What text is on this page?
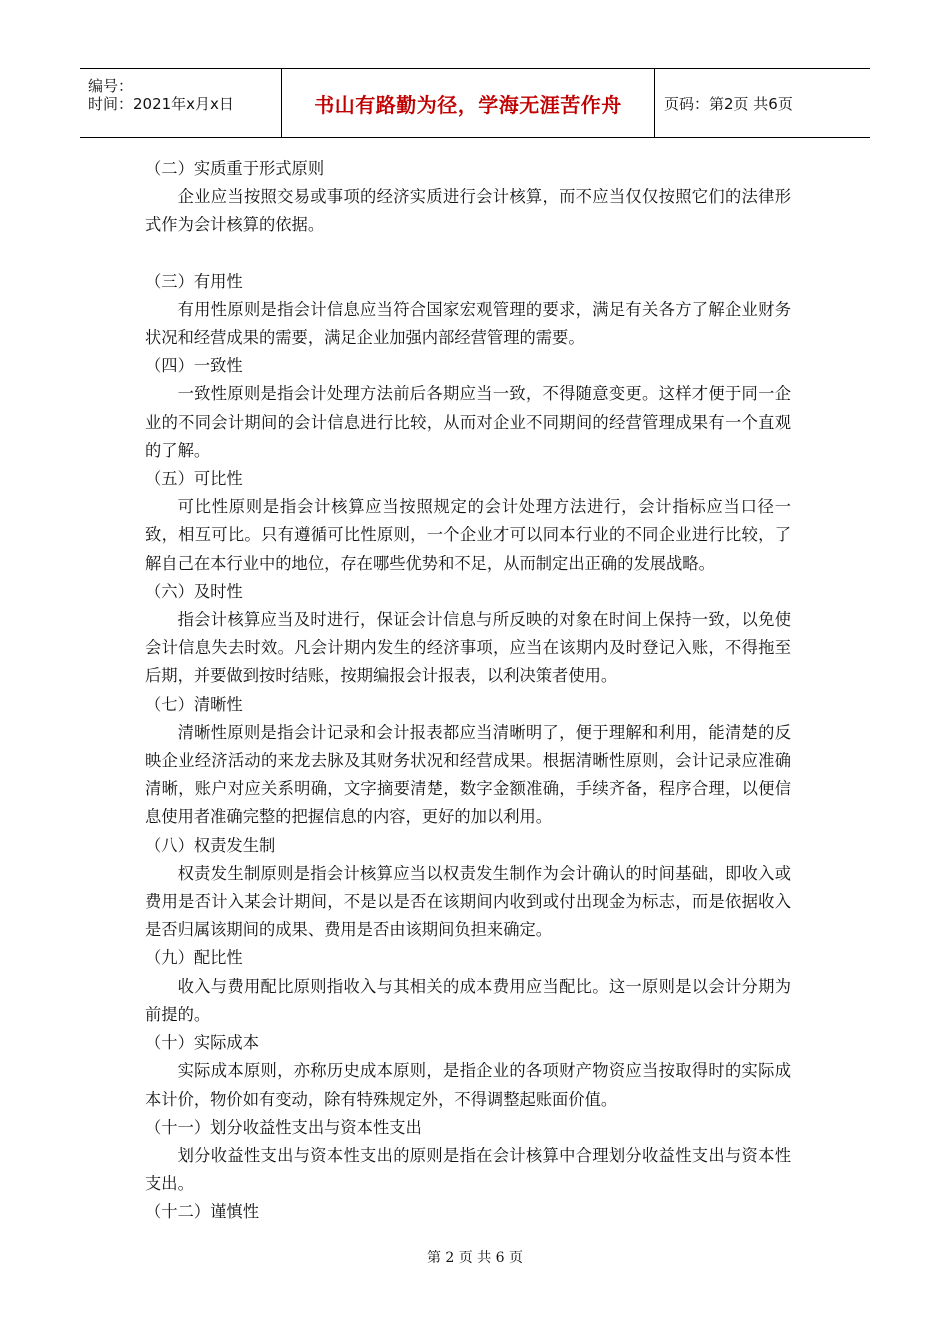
编号：
时间：2021年x月x日	书山有路勤为径，学海无涯苦作舟	页码：第2页 共6页

（二）实质重于形式原则

企业应当按照交易或事项的经济实质进行会计核算，而不应当仅仅按照它们的法律形式作为会计核算的依据。

（三）有用性

有用性原则是指会计信息应当符合国家宏观管理的要求，满足有关各方了解企业财务状况和经营成果的需要，满足企业加强内部经营管理的需要。

（四）一致性

一致性原则是指会计处理方法前后各期应当一致，不得随意变更。这样才便于同一企业的不同会计期间的会计信息进行比较，从而对企业不同期间的经营管理成果有一个直观的了解。

（五）可比性

可比性原则是指会计核算应当按照规定的会计处理方法进行，会计指标应当口径一致，相互可比。只有遵循可比性原则，一个企业才可以同本行业的不同企业进行比较，了解自己在本行业中的地位，存在哪些优势和不足，从而制定出正确的发展战略。

（六）及时性

指会计核算应当及时进行，保证会计信息与所反映的对象在时间上保持一致，以免使会计信息失去时效。凡会计期内发生的经济事项，应当在该期内及时登记入账，不得拖至后期，并要做到按时结账，按期编报会计报表，以利决策者使用。

（七）清晰性

清晰性原则是指会计记录和会计报表都应当清晰明了，便于理解和利用，能清楚的反映企业经济活动的来龙去脉及其财务状况和经营成果。根据清晰性原则，会计记录应准确清晰，账户对应关系明确，文字摘要清楚，数字金额准确，手续齐备，程序合理，以便信息使用者准确完整的把握信息的内容，更好的加以利用。

（八）权责发生制

权责发生制原则是指会计核算应当以权责发生制作为会计确认的时间基础，即收入或费用是否计入某会计期间，不是以是否在该期间内收到或付出现金为标志，而是依据收入是否归属该期间的成果、费用是否由该期间负担来确定。

（九）配比性

收入与费用配比原则指收入与其相关的成本费用应当配比。这一原则是以会计分期为前提的。

（十）实际成本

实际成本原则，亦称历史成本原则，是指企业的各项财产物资应当按取得时的实际成本计价，物价如有变动，除有特殊规定外，不得调整起账面价值。

（十一）划分收益性支出与资本性支出

划分收益性支出与资本性支出的原则是指在会计核算中合理划分收益性支出与资本性支出。

（十二）谨慎性

第 2 页 共 6 页
